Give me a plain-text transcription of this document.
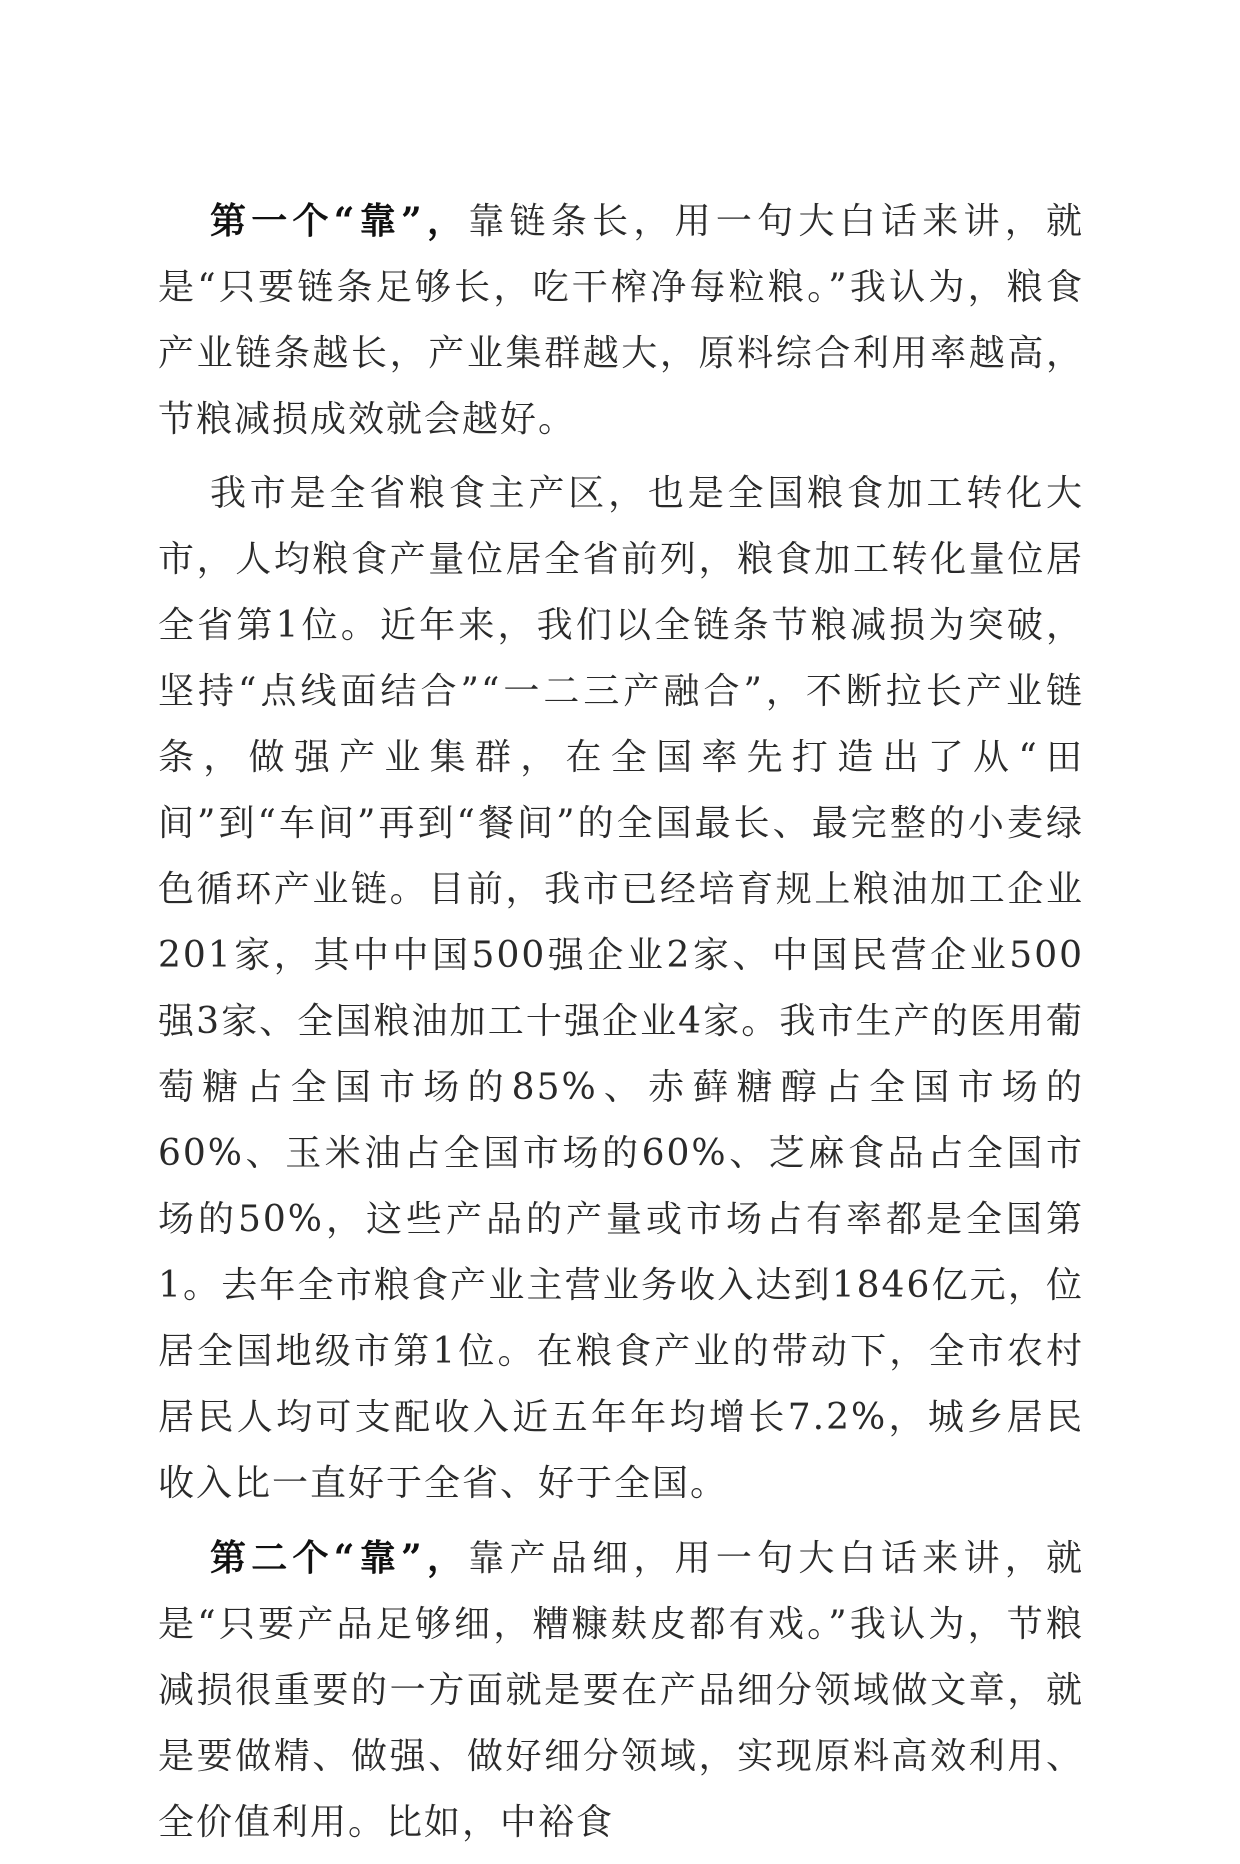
第一个“靠”，靠链条长，用一句大白话来讲，就是“只要链条足够长，吃干榨净每粒粮。”我认为，粮食产业链条越长，产业集群越大，原料综合利用率越高，节粮减损成效就会越好。

我市是全省粮食主产区，也是全国粮食加工转化大市，人均粮食产量位居全省前列，粮食加工转化量位居全省第1位。近年来，我们以全链条节粮减损为突破，坚持“点线面结合”“一二三产融合”，不断拉长产业链条，做强产业集群，在全国率先打造出了从“田间”到“车间”再到“餐间”的全国最长、最完整的小麦绿色循环产业链。目前，我市已经培育规上粮油加工企业201家，其中中国500强企业2家、中国民营企业500强3家、全国粮油加工十强企业4家。我市生产的医用葡萄糖占全国市场的85%、赤藓糖醇占全国市场的60%、玉米油占全国市场的60%、芝麻食品占全国市场的50%，这些产品的产量或市场占有率都是全国第1。去年全市粮食产业主营业务收入达到1846亿元，位居全国地级市第1位。在粮食产业的带动下，全市农村居民人均可支配收入近五年年均增长7.2%，城乡居民收入比一直好于全省、好于全国。

第二个“靠”，靠产品细，用一句大白话来讲，就是“只要产品足够细，糟糠麸皮都有戏。”我认为，节粮减损很重要的一方面就是要在产品细分领域做文章，就是要做精、做强、做好细分领域，实现原料高效利用、全价值利用。比如，中裕食
